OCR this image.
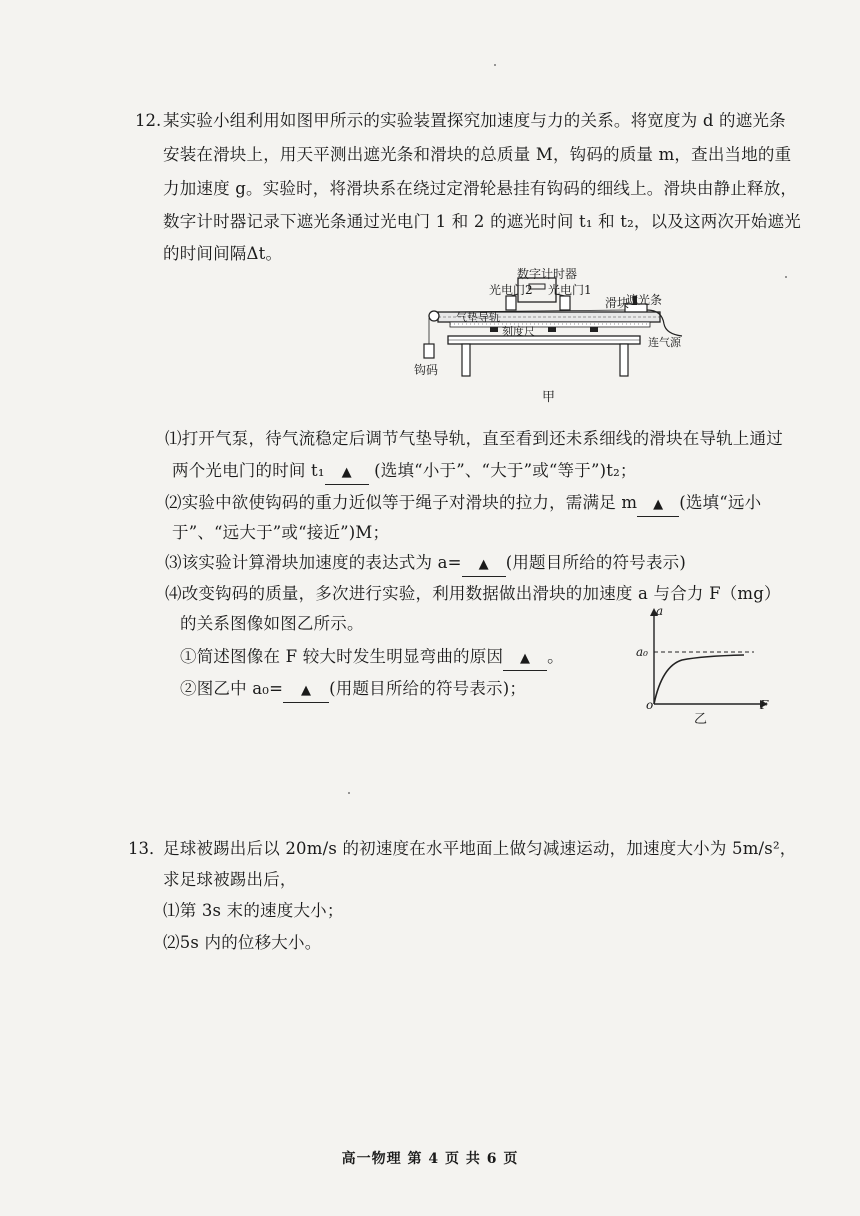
12. 某实验小组利用如图甲所示的实验装置探究加速度与力的关系。将宽度为 d 的遮光条
安装在滑块上，用天平测出遮光条和滑块的总质量 M，钩码的质量 m，查出当地的重
力加速度 g。实验时，将滑块系在绕过定滑轮悬挂有钩码的细线上。滑块由静止释放，
数字计时器记录下遮光条通过光电门 1 和 2 的遮光时间 t₁ 和 t₂，以及这两次开始遮光
的时间间隔Δt。
数字计时器
光电门2 光电门1
滑块
遮光条
气垫导轨
刻度尺
连气源
钩码
甲
⑴打开气泵，待气流稳定后调节气垫导轨，直至看到还未系细线的滑块在导轨上通过
两个光电门的时间 t₁ ▲ (选填“小于”、“大于”或“等于”)t₂；
⑵实验中欲使钩码的重力近似等于绳子对滑块的拉力，需满足 m ▲ (选填“远小
于”、“远大于”或“接近”)M；
⑶该实验计算滑块加速度的表达式为 a= ▲ (用题目所给的符号表示)
⑷改变钩码的质量，多次进行实验，利用数据做出滑块的加速度 a 与合力 F（mg）
的关系图像如图乙所示。
①简述图像在 F 较大时发生明显弯曲的原因 ▲ 。
②图乙中 a₀= ▲ (用题目所给的符号表示)；
a
a₀
o	F
乙
13．
足球被踢出后以 20m/s 的初速度在水平地面上做匀减速运动，加速度大小为 5m/s²，
求足球被踢出后，
⑴第 3s 末的速度大小；
⑵5s 内的位移大小。
高一物理 第 4 页 共 6 页
